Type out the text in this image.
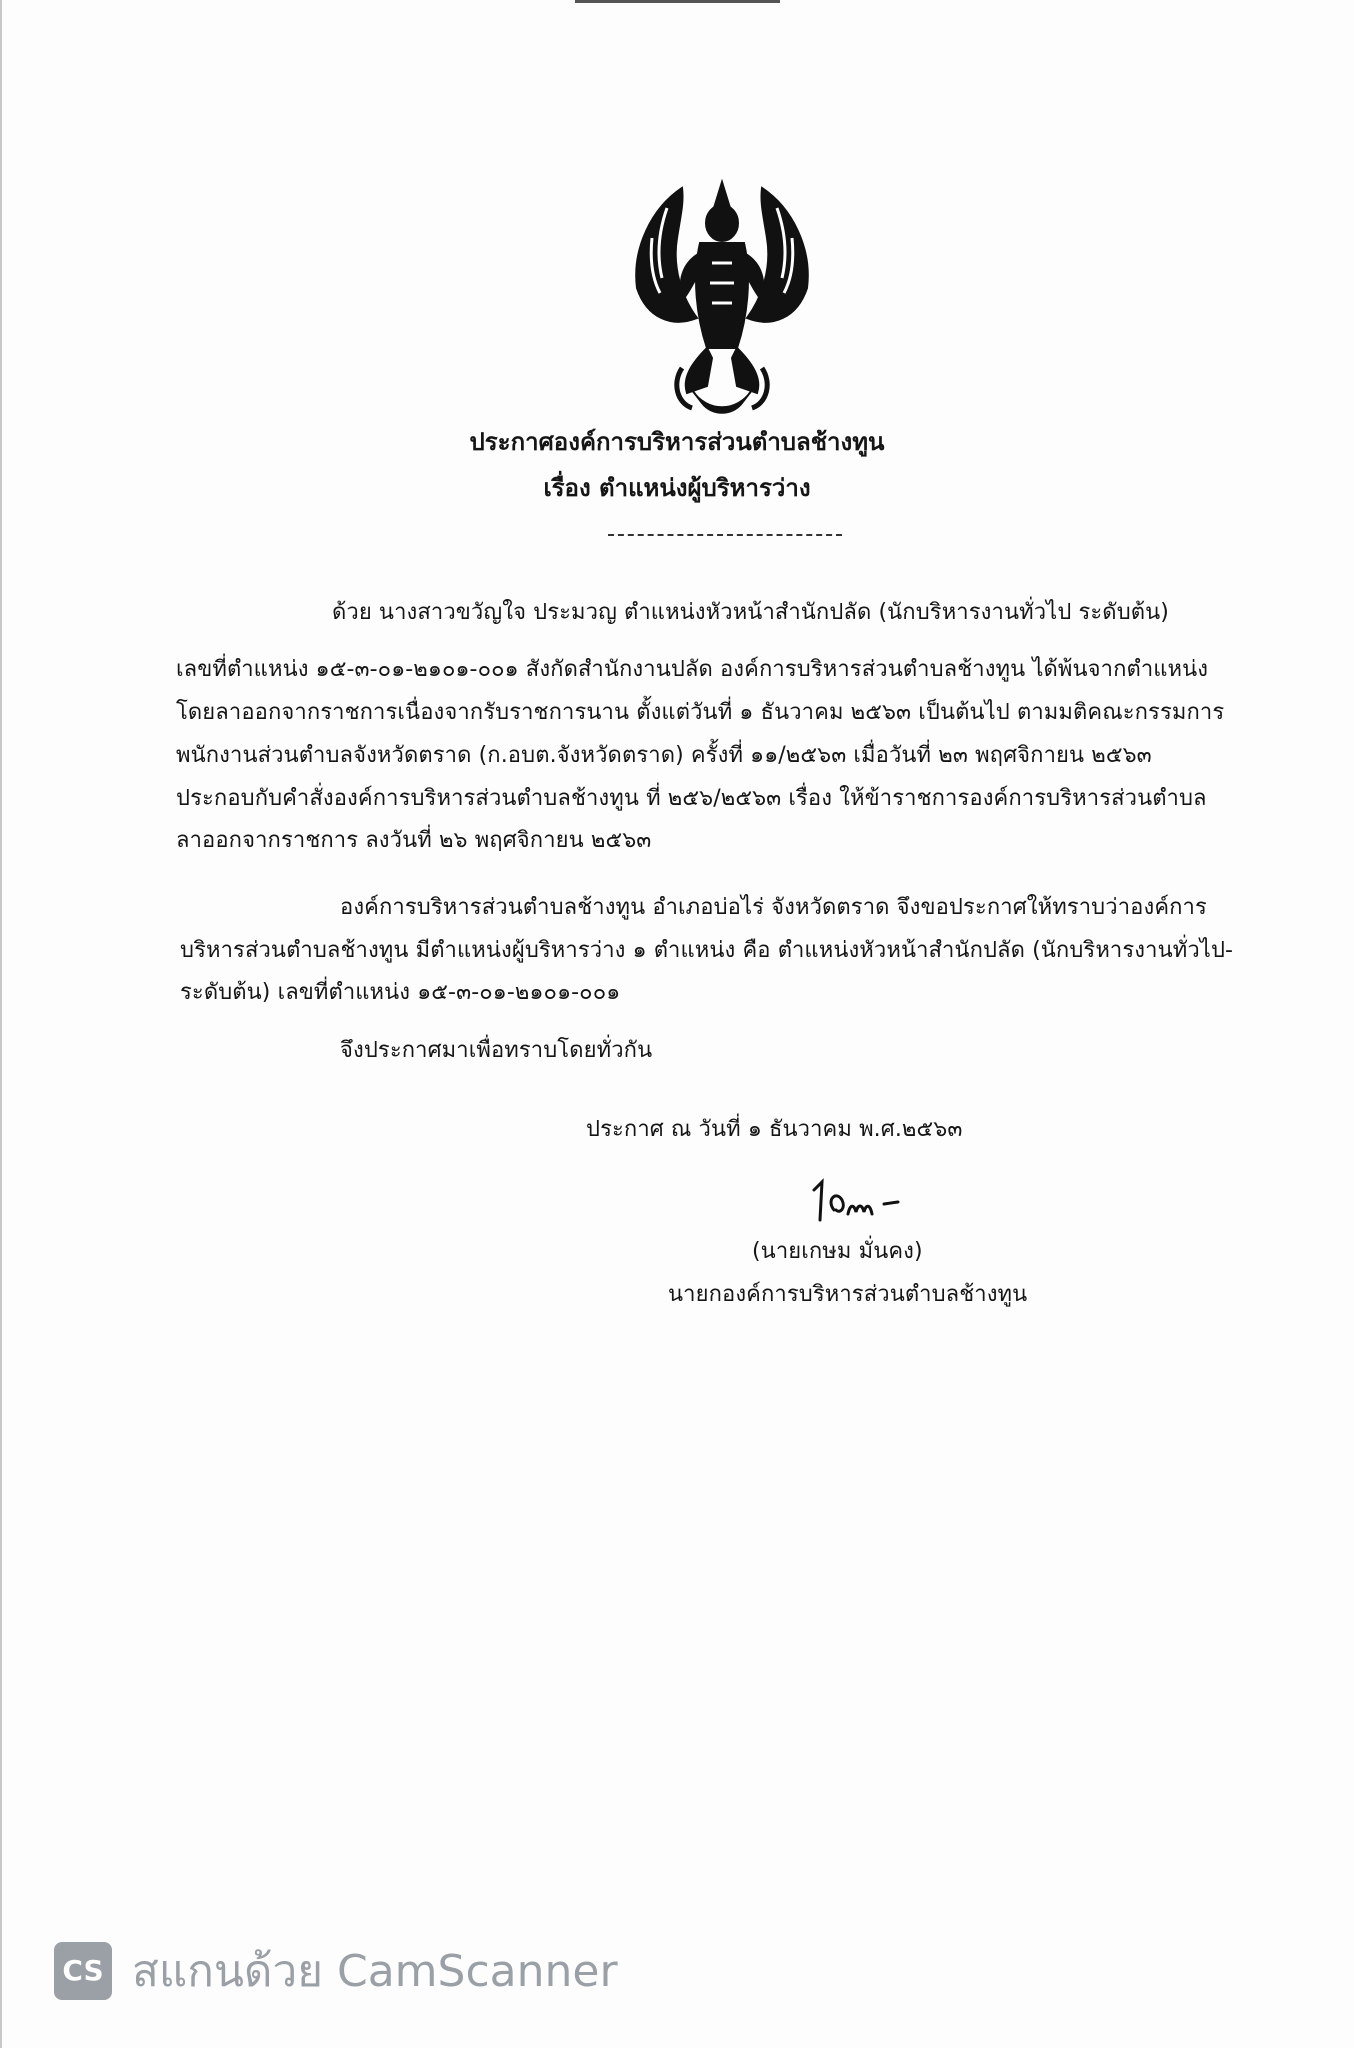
ประกาศองค์การบริหารส่วนตำบลช้างทูน
เรื่อง ตำแหน่งผู้บริหารว่าง
ด้วย นางสาวขวัญใจ ประมวญ ตำแหน่งหัวหน้าสำนักปลัด (นักบริหารงานทั่วไป ระดับต้น)
เลขที่ตำแหน่ง ๑๕-๓-๐๑-๒๑๐๑-๐๐๑ สังกัดสำนักงานปลัด องค์การบริหารส่วนตำบลช้างทูน ได้พ้นจากตำแหน่ง
โดยลาออกจากราชการเนื่องจากรับราชการนาน ตั้งแต่วันที่ ๑ ธันวาคม ๒๕๖๓ เป็นต้นไป ตามมติคณะกรรมการ
พนักงานส่วนตำบลจังหวัดตราด (ก.อบต.จังหวัดตราด) ครั้งที่ ๑๑/๒๕๖๓ เมื่อวันที่ ๒๓ พฤศจิกายน ๒๕๖๓
ประกอบกับคำสั่งองค์การบริหารส่วนตำบลช้างทูน ที่ ๒๕๖/๒๕๖๓ เรื่อง ให้ข้าราชการองค์การบริหารส่วนตำบล
ลาออกจากราชการ ลงวันที่ ๒๖ พฤศจิกายน ๒๕๖๓
องค์การบริหารส่วนตำบลช้างทูน อำเภอบ่อไร่ จังหวัดตราด จึงขอประกาศให้ทราบว่าองค์การ
บริหารส่วนตำบลช้างทูน มีตำแหน่งผู้บริหารว่าง ๑ ตำแหน่ง คือ ตำแหน่งหัวหน้าสำนักปลัด (นักบริหารงานทั่วไป-
ระดับต้น) เลขที่ตำแหน่ง ๑๕-๓-๐๑-๒๑๐๑-๐๐๑
จึงประกาศมาเพื่อทราบโดยทั่วกัน
ประกาศ ณ วันที่ ๑ ธันวาคม พ.ศ.๒๕๖๓
(นายเกษม มั่นคง)
นายกองค์การบริหารส่วนตำบลช้างทูน
CS สแกนด้วย CamScanner
